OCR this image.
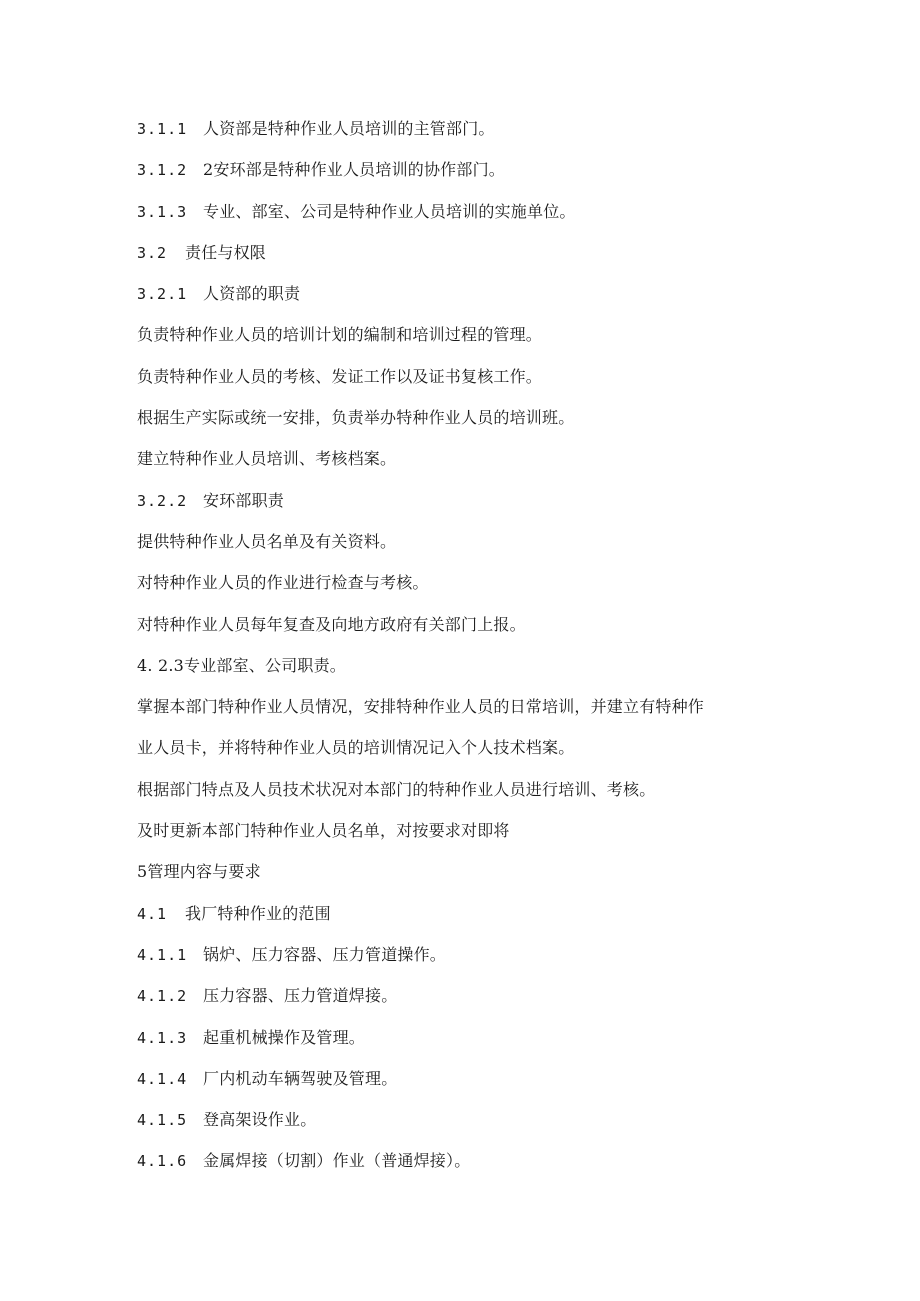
3.1.1 人资部是特种作业人员培训的主管部门。
3.1.2 2安环部是特种作业人员培训的协作部门。
3.1.3 专业、部室、公司是特种作业人员培训的实施单位。
3.2 责任与权限
3.2.1 人资部的职责
负责特种作业人员的培训计划的编制和培训过程的管理。
负责特种作业人员的考核、发证工作以及证书复核工作。
根据生产实际或统一安排，负责举办特种作业人员的培训班。
建立特种作业人员培训、考核档案。
3.2.2 安环部职责
提供特种作业人员名单及有关资料。
对特种作业人员的作业进行检查与考核。
对特种作业人员每年复查及向地方政府有关部门上报。
4. 2.3专业部室、公司职责。
掌握本部门特种作业人员情况，安排特种作业人员的日常培训，并建立有特种作
业人员卡，并将特种作业人员的培训情况记入个人技术档案。
根据部门特点及人员技术状况对本部门的特种作业人员进行培训、考核。
及时更新本部门特种作业人员名单，对按要求对即将
5管理内容与要求
4.1 我厂特种作业的范围
4.1.1 锅炉、压力容器、压力管道操作。
4.1.2 压力容器、压力管道焊接。
4.1.3 起重机械操作及管理。
4.1.4 厂内机动车辆驾驶及管理。
4.1.5 登高架设作业。
4.1.6 金属焊接（切割）作业（普通焊接）。
